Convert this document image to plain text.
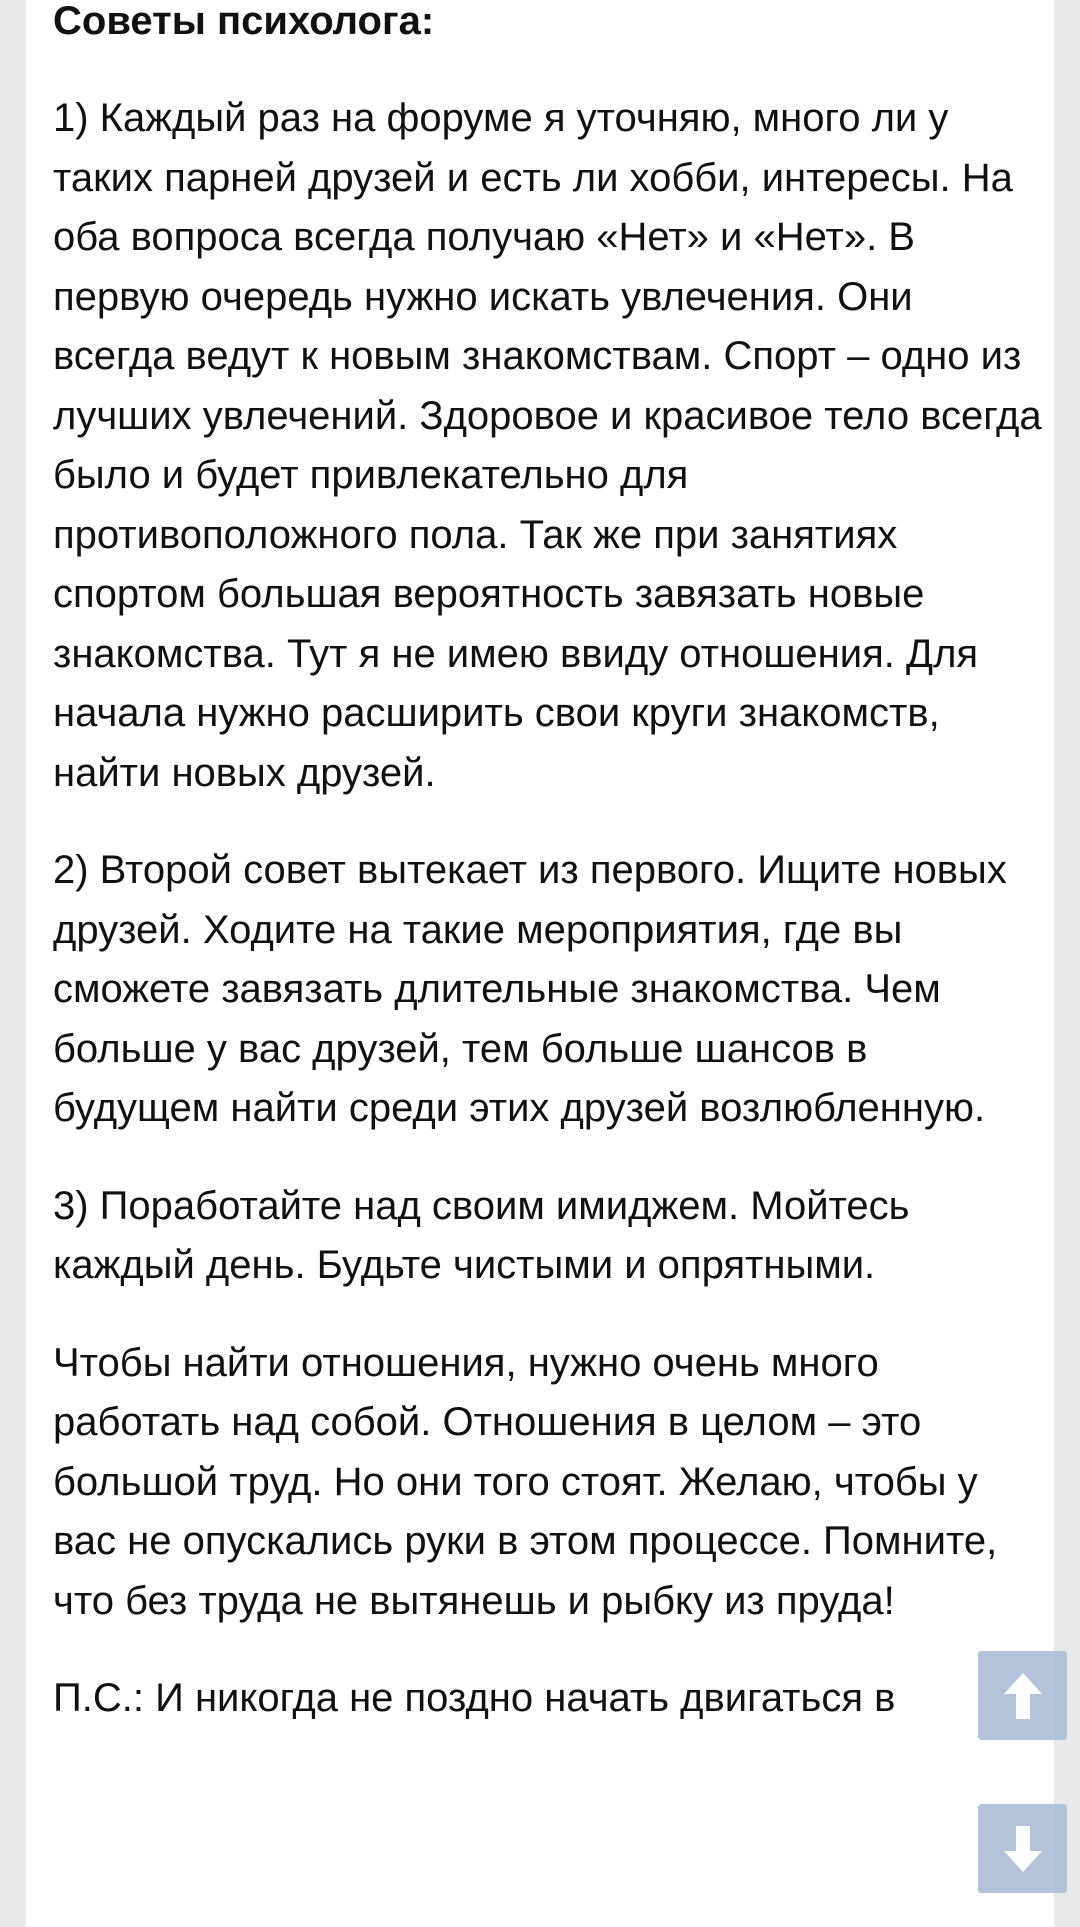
Советы психолога:

1) Каждый раз на форуме я уточняю, много ли у таких парней друзей и есть ли хобби, интересы. На оба вопроса всегда получаю «Нет» и «Нет». В первую очередь нужно искать увлечения. Они всегда ведут к новым знакомствам. Спорт – одно из лучших увлечений. Здоровое и красивое тело всегда было и будет привлекательно для противоположного пола. Так же при занятиях спортом большая вероятность завязать новые знакомства. Тут я не имею ввиду отношения. Для начала нужно расширить свои круги знакомств, найти новых друзей.

2) Второй совет вытекает из первого. Ищите новых друзей. Ходите на такие мероприятия, где вы сможете завязать длительные знакомства. Чем больше у вас друзей, тем больше шансов в будущем найти среди этих друзей возлюбленную.

3) Поработайте над своим имиджем. Мойтесь каждый день. Будьте чистыми и опрятными.

Чтобы найти отношения, нужно очень много работать над собой. Отношения в целом – это большой труд. Но они того стоят. Желаю, чтобы у вас не опускались руки в этом процессе. Помните, что без труда не вытянешь и рыбку из пруда!

П.С.: И никогда не поздно начать двигаться в
